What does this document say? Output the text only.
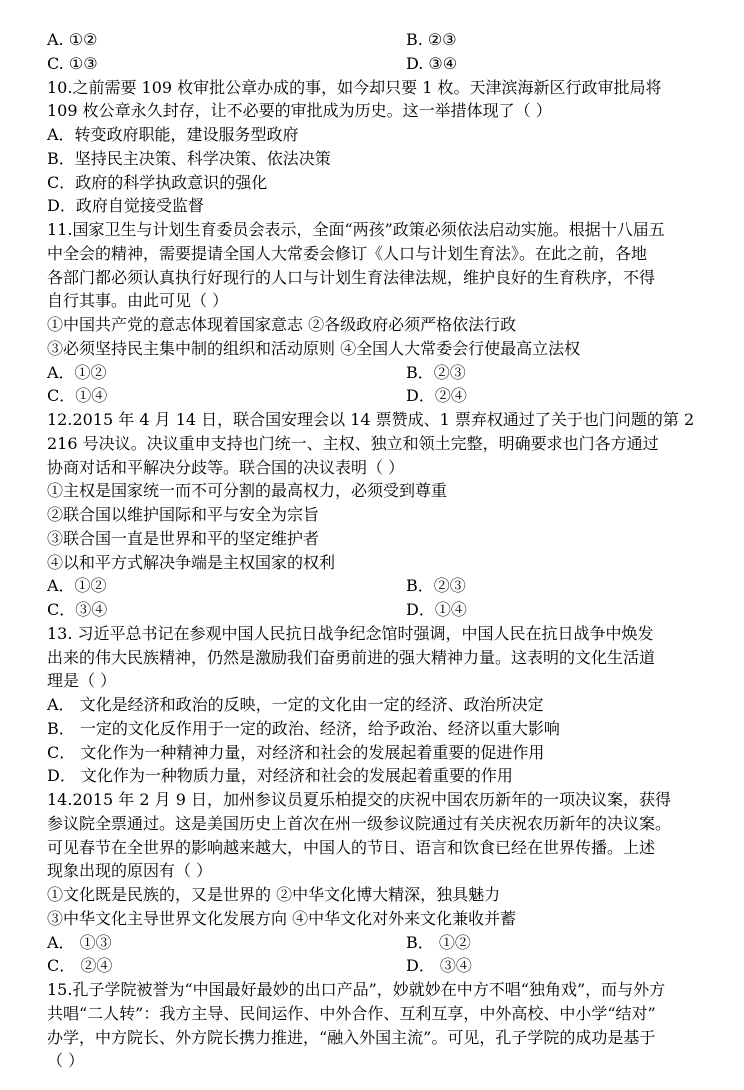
A. ①②	B. ②③
C. ①③	D. ③④
10.之前需要 109 枚审批公章办成的事，如今却只要 1 枚。天津滨海新区行政审批局将
109 枚公章永久封存，让不必要的审批成为历史。这一举措体现了（ ）
A．转变政府职能，建设服务型政府
B．坚持民主决策、科学决策、依法决策
C．政府的科学执政意识的强化
D．政府自觉接受监督
11.国家卫生与计划生育委员会表示，全面“两孩”政策必须依法启动实施。根据十八届五
中全会的精神，需要提请全国人大常委会修订《人口与计划生育法》。在此之前，各地
各部门都必须认真执行好现行的人口与计划生育法律法规，维护良好的生育秩序，不得
自行其事。由此可见（ ）
①中国共产党的意志体现着国家意志 ②各级政府必须严格依法行政
③必须坚持民主集中制的组织和活动原则 ④全国人大常委会行使最高立法权
A．①②	B．②③
C．①④	D．②④
12.2015 年 4 月 14 日，联合国安理会以 14 票赞成、1 票弃权通过了关于也门问题的第 2
216 号决议。决议重申支持也门统一、主权、独立和领土完整，明确要求也门各方通过
协商对话和平解决分歧等。联合国的决议表明（ ）
①主权是国家统一而不可分割的最高权力，必须受到尊重
②联合国以维护国际和平与安全为宗旨
③联合国一直是世界和平的坚定维护者
④以和平方式解决争端是主权国家的权利
A．①②	B．②③
C．③④	D．①④
13. 习近平总书记在参观中国人民抗日战争纪念馆时强调，中国人民在抗日战争中焕发
出来的伟大民族精神，仍然是激励我们奋勇前进的强大精神力量。这表明的文化生活道
理是（ ）
A． 文化是经济和政治的反映，一定的文化由一定的经济、政治所决定
B． 一定的文化反作用于一定的政治、经济，给予政治、经济以重大影响
C． 文化作为一种精神力量，对经济和社会的发展起着重要的促进作用
D． 文化作为一种物质力量，对经济和社会的发展起着重要的作用
14.2015 年 2 月 9 日，加州参议员夏乐柏提交的庆祝中国农历新年的一项决议案，获得
参议院全票通过。这是美国历史上首次在州一级参议院通过有关庆祝农历新年的决议案。
可见春节在全世界的影响越来越大，中国人的节日、语言和饮食已经在世界传播。上述
现象出现的原因有（ ）
①文化既是民族的，又是世界的 ②中华文化博大精深，独具魅力
③中华文化主导世界文化发展方向 ④中华文化对外来文化兼收并蓄
A． ①③	B． ①②
C． ②④	D． ③④
15.孔子学院被誉为“中国最好最妙的出口产品”，妙就妙在中方不唱“独角戏”，而与外方
共唱“二人转”：我方主导、民间运作、中外合作、互利互享，中外高校、中小学“结对”
办学，中方院长、外方院长携力推进，“融入外国主流”。可见，孔子学院的成功是基于
（ ）
